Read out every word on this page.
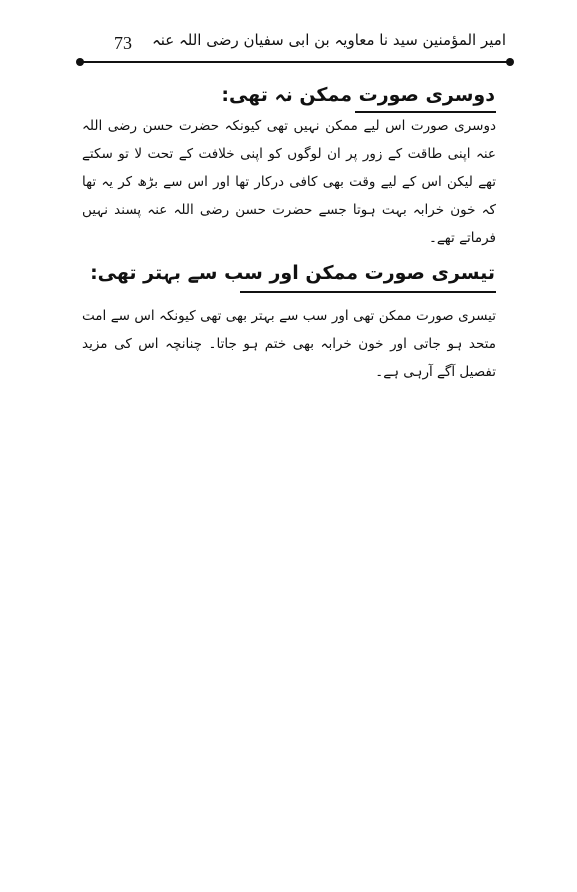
73 امیر المؤمنین سید نا معاویہ بن ابی سفیان رضی اللہ عنہ
دوسری صورت ممکن نہ تھی:

دوسری صورت اس لیے ممکن نہیں تھی کیونکہ حضرت حسن رضی اللہ عنہ اپنی طاقت کے زور پر ان لوگوں کو اپنی خلافت کے تحت لا تو سکتے تھے لیکن اس کے لیے وقت بھی کافی درکار تھا اور اس سے بڑھ کر یہ تھا کہ خون خرابہ بہت ہوتا جسے حضرت حسن رضی اللہ عنہ پسند نہیں فرماتے تھے۔

تیسری صورت ممکن اور سب سے بہتر تھی:

تیسری صورت ممکن تھی اور سب سے بہتر بھی تھی کیونکہ اس سے امت متحد ہو جاتی اور خون خرابہ بھی ختم ہو جاتا۔ چنانچہ اس کی مزید تفصیل آگے آرہی ہے۔
